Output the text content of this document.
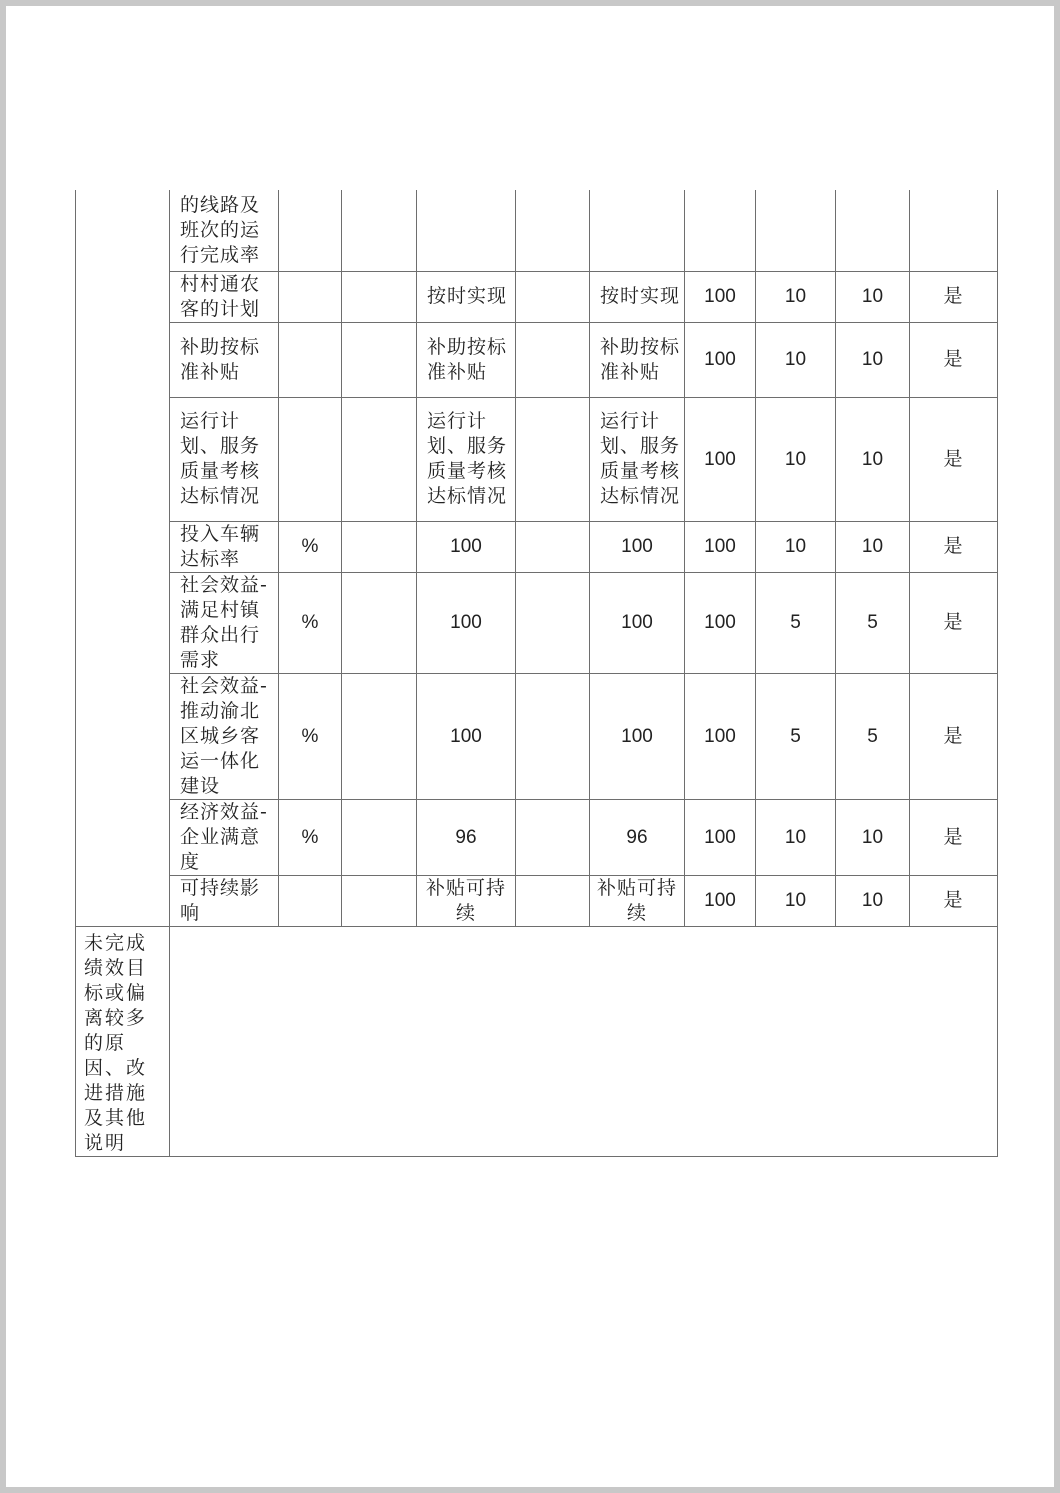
	的线路及班次的运行完成率									
	村村通农客的计划			按时实现		按时实现	100	10	10	是
	补助按标准补贴			补助按标准补贴		补助按标准补贴	100	10	10	是
	运行计划、服务质量考核达标情况			运行计划、服务质量考核达标情况		运行计划、服务质量考核达标情况	100	10	10	是
	投入车辆达标率	%		100		100	100	10	10	是
	社会效益-满足村镇群众出行需求	%		100		100	100	5	5	是
	社会效益-推动渝北区城乡客运一体化建设	%		100		100	100	5	5	是
	经济效益-企业满意度	%		96		96	100	10	10	是
	可持续影响			补贴可持续		补贴可持续	100	10	10	是
未完成绩效目标或偏离较多的原因、改进措施及其他说明										
